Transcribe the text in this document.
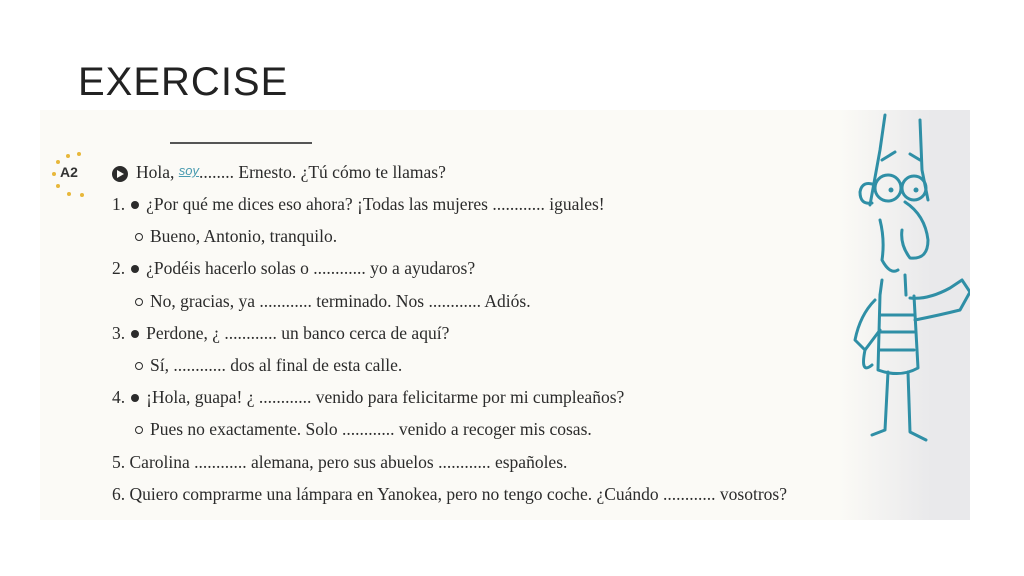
EXERCISE
A2	Hola, soy........ Ernesto. ¿Tú cómo te llamas?
1. ¿Por qué me dices eso ahora? ¡Todas las mujeres ............ iguales!
Bueno, Antonio, tranquilo.
2. ¿Podéis hacerlo solas o ............ yo a ayudaros?
No, gracias, ya ............ terminado. Nos ............ Adiós.
3. Perdone, ¿ ............ un banco cerca de aquí?
Sí, ............ dos al final de esta calle.
4. ¡Hola, guapa! ¿ ............ venido para felicitarme por mi cumpleaños?
Pues no exactamente. Solo ............ venido a recoger mis cosas.
5. Carolina ............ alemana, pero sus abuelos ............ españoles.
6. Quiero comprarme una lámpara en Yanokea, pero no tengo coche. ¿Cuándo ............ vosotros?
